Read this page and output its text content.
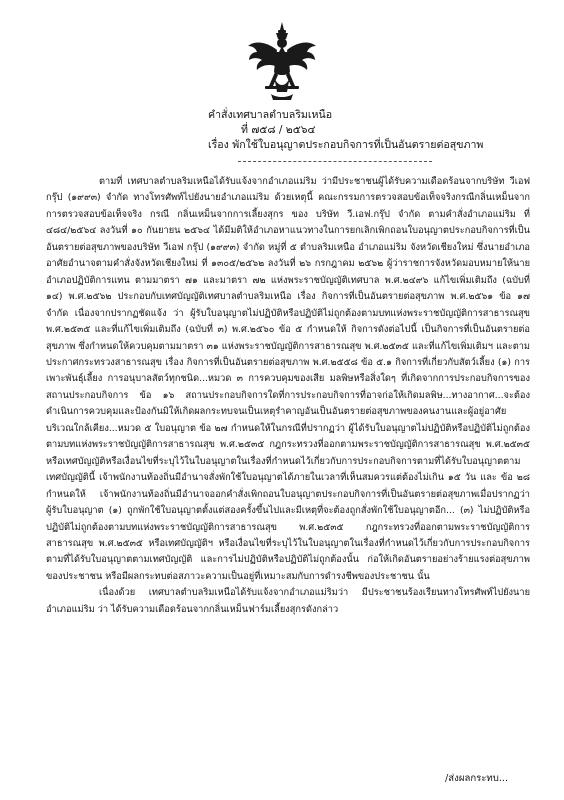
คำสั่งเทศบาลตำบลริมเหนือ
ที่ ๗๕๘ / ๒๕๖๔
เรื่อง พักใช้ใบอนุญาตประกอบกิจการที่เป็นอันตรายต่อสุขภาพ

ตามที่ เทศบาลตำบลริมเหนือได้รับแจ้งจากอำเภอแม่ริม ว่ามีประชาชนผู้ได้รับความเดือดร้อนจากบริษัท วีเอฟ กรุ๊ป (๑๙๙๓) จำกัด ทางโทรศัพท์ไปยังนายอำเภอแม่ริม ด้วยเหตุนี้ คณะกรรมการตรวจสอบข้อเท็จจริงกรณีกลิ่นเหม็นจากการตรวจสอบข้อเท็จจริง กรณี กลิ่นเหม็นจากการเลี้ยงสุกร ของ บริษัท วี.เอฟ.กรุ๊ป จำกัด ตามคำสั่งอำเภอแม่ริม ที่ ๔๘๔/๒๕๖๔ ลงวันที่ ๑๐ กันยายน ๒๕๖๔ ได้มีมติให้อำเภอหาแนวทางในการยกเลิกเพิกถอนใบอนุญาตประกอบกิจการที่เป็นอันตรายต่อสุขภาพของบริษัท วีเอฟ กรุ๊ป (๑๙๙๓) จำกัด หมู่ที่ ๕ ตำบลริมเหนือ อำเภอแม่ริม จังหวัดเชียงใหม่ ซึ่งนายอำเภออาศัยอำนาจตามคำสั่งจังหวัดเชียงใหม่ ที่ ๑๓๐๕/๒๕๖๒ ลงวันที่ ๒๖ กรกฎาคม ๒๕๖๒ ผู้ว่าราชการจังหวัดมอบหมายให้นายอำเภอปฏิบัติการแทน ตามมาตรา ๗๑ และมาตรา ๗๒ แห่งพระราชบัญญัติเทศบาล พ.ศ.๒๔๙๖ แก้ไขเพิ่มเติมถึง (ฉบับที่ ๑๔) พ.ศ.๒๕๖๒ ประกอบกับเทศบัญญัติเทศบาลตำบลริมเหนือ เรื่อง กิจการที่เป็นอันตรายต่อสุขภาพ พ.ศ.๒๕๖๑ ข้อ ๑๗ จำกัด เนื่องจากปรากฏชัดแจ้ง ว่า ผู้รับใบอนุญาตไม่ปฏิบัติหรือปฏิบัติไม่ถูกต้องตามบทแห่งพระราชบัญญัติการสาธารณสุข พ.ศ.๒๕๓๕ และที่แก้ไขเพิ่มเติมถึง (ฉบับที่ ๓) พ.ศ.๒๕๖๐ ข้อ ๕ กำหนดให้ กิจการดังต่อไปนี้ เป็นกิจการที่เป็นอันตรายต่อสุขภาพ ซึ่งกำหนดให้ควบคุมตามมาตรา ๓๑ แห่งพระราชบัญญัติการสาธารณสุข พ.ศ.๒๕๓๕ และที่แก้ไขเพิ่มเติมฯ และตามประกาศกระทรวงสาธารณสุข เรื่อง กิจการที่เป็นอันตรายต่อสุขภาพ พ.ศ.๒๕๕๘ ข้อ ๕.๑ กิจการที่เกี่ยวกับสัตว์เลี้ยง (๑) การเพาะพันธุ์เลี้ยง การอนุบาลสัตว์ทุกชนิด...หมวด ๓ การควบคุมของเสีย มลพิษหรือสิ่งใดๆ ที่เกิดจากการประกอบกิจการของสถานประกอบกิจการ ข้อ ๑๖ สถานประกอบกิจการใดที่การประกอบกิจการที่อาจก่อให้เกิดมลพิษ...ทางอากาศ...จะต้องดำเนินการควบคุมและป้องกันมิให้เกิดผลกระทบจนเป็นเหตุรำคาญอันเป็นอันตรายต่อสุขภาพของคนงานและผู้อยู่อาศัยบริเวณใกล้เคียง...หมวด ๕ ใบอนุญาต ข้อ ๒๗ กำหนดให้ในกรณีที่ปรากฏว่า ผู้ได้รับใบอนุญาตไม่ปฏิบัติหรือปฏิบัติไม่ถูกต้องตามบทแห่งพระราชบัญญัติการสาธารณสุข พ.ศ.๒๕๓๕ กฎกระทรวงที่ออกตามพระราชบัญญัติการสาธารณสุข พ.ศ.๒๕๓๕ หรือเทศบัญญัติหรือเงื่อนไขที่ระบุไว้ในใบอนุญาตในเรื่องที่กำหนดไว้เกี่ยวกับการประกอบกิจการตามที่ได้รับใบอนุญาตตามเทศบัญญัตินี้ เจ้าพนักงานท้องถิ่นมีอำนาจสั่งพักใช้ใบอนุญาตได้ภายในเวลาที่เห็นสมควรแต่ต้องไม่เกิน ๑๕ วัน และ ข้อ ๒๘ กำหนดให้ เจ้าพนักงานท้องถิ่นมีอำนาจออกคำสั่งเพิกถอนใบอนุญาตประกอบกิจการที่เป็นอันตรายต่อสุขภาพเมื่อปรากฏว่าผู้รับใบอนุญาต (๑) ถูกพักใช้ใบอนุญาตตั้งแต่สองครั้งขึ้นไปและมีเหตุที่จะต้องถูกสั่งพักใช้ใบอนุญาตอีก... (๓) ไม่ปฏิบัติหรือปฏิบัติไม่ถูกต้องตามบทแห่งพระราชบัญญัติการสาธารณสุข พ.ศ.๒๕๓๕ กฎกระทรวงที่ออกตามพระราชบัญญัติการสาธารณสุข พ.ศ.๒๕๓๕ หรือเทศบัญญัติฯ หรือเงื่อนไขที่ระบุไว้ในใบอนุญาตในเรื่องที่กำหนดไว้เกี่ยวกับการประกอบกิจการตามที่ได้รับใบอนุญาตตามเทศบัญญัติ และการไม่ปฏิบัติหรือปฏิบัติไม่ถูกต้องนั้น ก่อให้เกิดอันตรายอย่างร้ายแรงต่อสุขภาพของประชาชน หรือมีผลกระทบต่อสภาวะความเป็นอยู่ที่เหมาะสมกับการดำรงชีพของประชาชน นั้น

เนื่องด้วย เทศบาลตำบลริมเหนือได้รับแจ้งจากอำเภอแม่ริมว่า มีประชาชนร้องเรียนทางโทรศัพท์ไปยังนายอำเภอแม่ริม ว่า ได้รับความเดือดร้อนจากกลิ่นเหม็นฟาร์มเลี้ยงสุกรดังกล่าว

/ส่งผลกระทบ...
